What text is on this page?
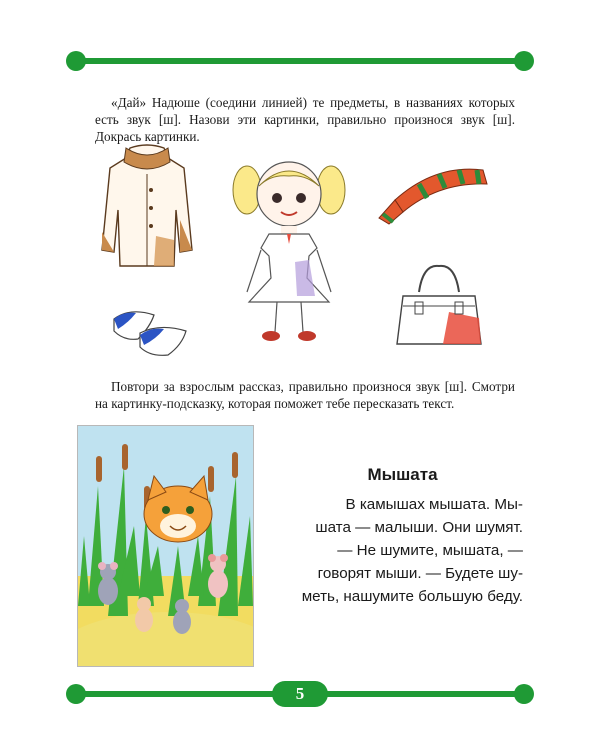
«Дай» Надюше (соедини линией) те предметы, в названиях которых есть звук [ш]. Назови эти картинки, правильно произнося звук [ш]. Докрась картинки.

Повтори за взрослым рассказ, правильно произнося звук [ш]. Смотри на картинку-подсказку, которая поможет тебе пересказать текст.

Мышата
В камышах мышата. Мы-
шата — малыши. Они шумят.
— Не шумите, мышата, —
говорят мыши. — Будете шу-
меть, нашумите большую беду.
5
